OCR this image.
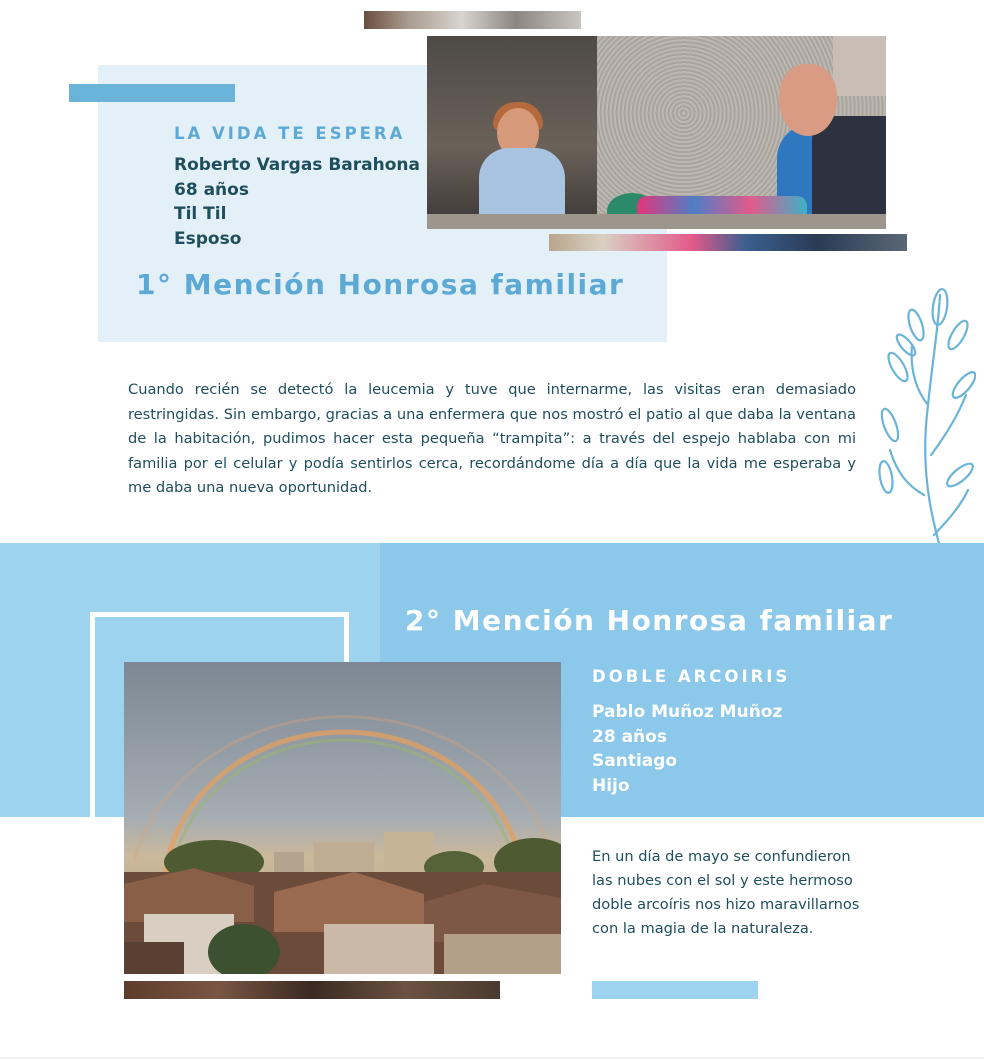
LA VIDA TE ESPERA

Roberto Vargas Barahona
68 años
Til Til
Esposo
1° Mención Honrosa familiar

Cuando recién se detectó la leucemia y tuve que internarme, las visitas eran demasiado restringidas. Sin embargo, gracias a una enfermera que nos mostró el patio al que daba la ventana de la habitación, pudimos hacer esta pequeña “trampita”: a través del espejo hablaba con mi familia por el celular y podía sentirlos cerca, recordándome día a día que la vida me esperaba y me daba una nueva oportunidad.

2° Mención Honrosa familiar

DOBLE ARCOIRIS

Pablo Muñoz Muñoz
28 años
Santiago
Hijo

En un día de mayo se confundieron las nubes con el sol y este hermoso doble arcoíris nos hizo maravillarnos con la magia de la naturaleza.
